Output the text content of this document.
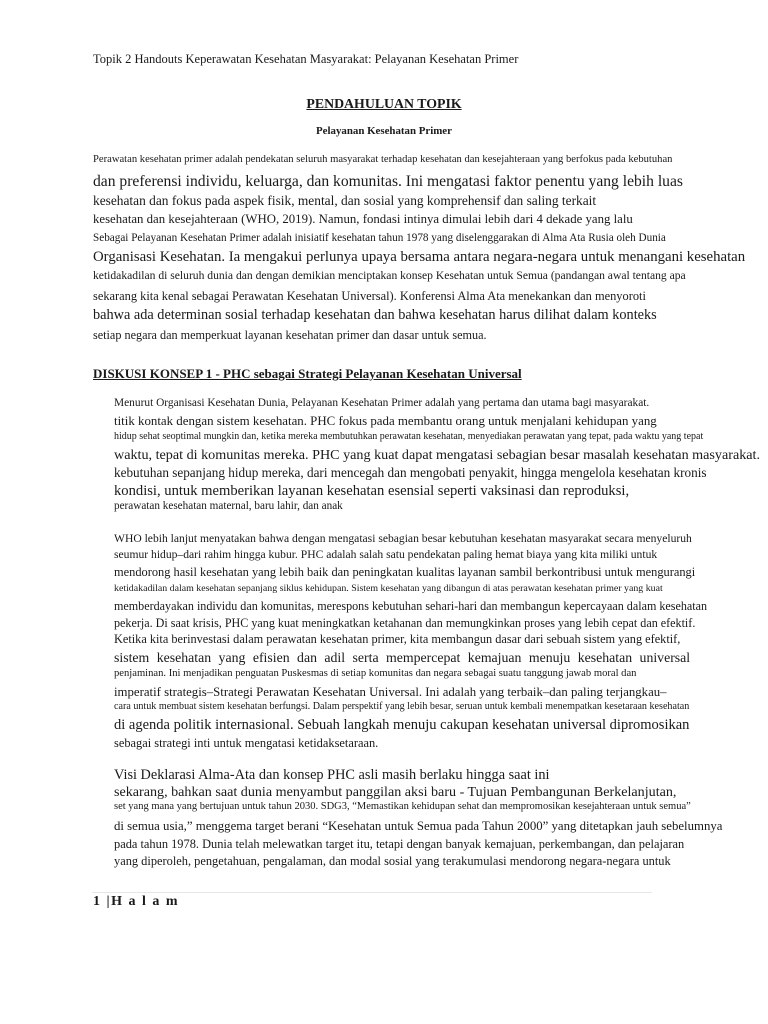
Topik 2 Handouts Keperawatan Kesehatan Masyarakat: Pelayanan Kesehatan Primer
PENDAHULUAN TOPIK
Pelayanan Kesehatan Primer
Perawatan kesehatan primer adalah pendekatan seluruh masyarakat terhadap kesehatan dan kesejahteraan yang berfokus pada kebutuhan
dan preferensi individu, keluarga, dan komunitas. Ini mengatasi faktor penentu yang lebih luas
kesehatan dan fokus pada aspek fisik, mental, dan sosial yang komprehensif dan saling terkait
kesehatan dan kesejahteraan (WHO, 2019). Namun, fondasi intinya dimulai lebih dari 4 dekade yang lalu
Sebagai Pelayanan Kesehatan Primer adalah inisiatif kesehatan tahun 1978 yang diselenggarakan di Alma Ata Rusia oleh Dunia
Organisasi Kesehatan. Ia mengakui perlunya upaya bersama antara negara-negara untuk menangani kesehatan
ketidakadilan di seluruh dunia dan dengan demikian menciptakan konsep Kesehatan untuk Semua (pandangan awal tentang apa
sekarang kita kenal sebagai Perawatan Kesehatan Universal). Konferensi Alma Ata menekankan dan menyoroti
bahwa ada determinan sosial terhadap kesehatan dan bahwa kesehatan harus dilihat dalam konteks
setiap negara dan memperkuat layanan kesehatan primer dan dasar untuk semua.
DISKUSI KONSEP 1 - PHC sebagai Strategi Pelayanan Kesehatan Universal
Menurut Organisasi Kesehatan Dunia, Pelayanan Kesehatan Primer adalah yang pertama dan utama bagi masyarakat.
titik kontak dengan sistem kesehatan. PHC fokus pada membantu orang untuk menjalani kehidupan yang
hidup sehat seoptimal mungkin dan, ketika mereka membutuhkan perawatan kesehatan, menyediakan perawatan yang tepat, pada waktu yang tepat
waktu, tepat di komunitas mereka. PHC yang kuat dapat mengatasi sebagian besar masalah kesehatan masyarakat.
kebutuhan sepanjang hidup mereka, dari mencegah dan mengobati penyakit, hingga mengelola kesehatan kronis
kondisi, untuk memberikan layanan kesehatan esensial seperti vaksinasi dan reproduksi,
perawatan kesehatan maternal, baru lahir, dan anak
WHO lebih lanjut menyatakan bahwa dengan mengatasi sebagian besar kebutuhan kesehatan masyarakat secara menyeluruh
seumur hidup–dari rahim hingga kubur. PHC adalah salah satu pendekatan paling hemat biaya yang kita miliki untuk
mendorong hasil kesehatan yang lebih baik dan peningkatan kualitas layanan sambil berkontribusi untuk mengurangi
ketidakadilan dalam kesehatan sepanjang siklus kehidupan. Sistem kesehatan yang dibangun di atas perawatan kesehatan primer yang kuat
memberdayakan individu dan komunitas, merespons kebutuhan sehari-hari dan membangun kepercayaan dalam kesehatan
pekerja. Di saat krisis, PHC yang kuat meningkatkan ketahanan dan memungkinkan proses yang lebih cepat dan efektif.
Ketika kita berinvestasi dalam perawatan kesehatan primer, kita membangun dasar dari sebuah sistem yang efektif,
sistem kesehatan yang efisien dan adil serta mempercepat kemajuan menuju kesehatan universal
penjaminan. Ini menjadikan penguatan Puskesmas di setiap komunitas dan negara sebagai suatu tanggung jawab moral dan
imperatif strategis–Strategi Perawatan Kesehatan Universal. Ini adalah yang terbaik–dan paling terjangkau–
cara untuk membuat sistem kesehatan berfungsi. Dalam perspektif yang lebih besar, seruan untuk kembali menempatkan kesetaraan kesehatan
di agenda politik internasional. Sebuah langkah menuju cakupan kesehatan universal dipromosikan
sebagai strategi inti untuk mengatasi ketidaksetaraan.
Visi Deklarasi Alma-Ata dan konsep PHC asli masih berlaku hingga saat ini
sekarang, bahkan saat dunia menyambut panggilan aksi baru - Tujuan Pembangunan Berkelanjutan,
set yang mana yang bertujuan untuk tahun 2030. SDG3, “Memastikan kehidupan sehat dan mempromosikan kesejahteraan untuk semua”
di semua usia,” menggema target berani “Kesehatan untuk Semua pada Tahun 2000” yang ditetapkan jauh sebelumnya
pada tahun 1978. Dunia telah melewatkan target itu, tetapi dengan banyak kemajuan, perkembangan, dan pelajaran
yang diperoleh, pengetahuan, pengalaman, dan modal sosial yang terakumulasi mendorong negara-negara untuk
1 |H a l a m
